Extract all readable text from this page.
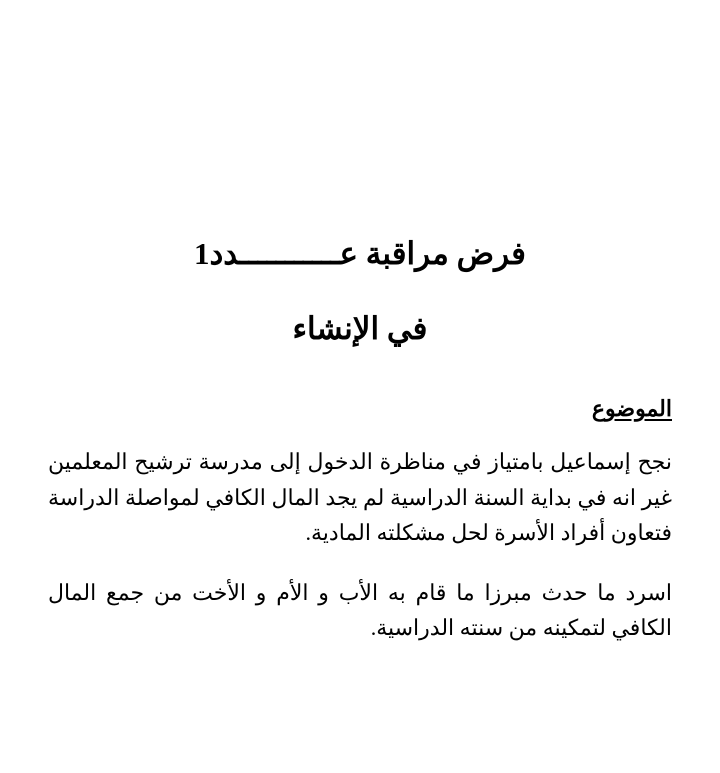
فرض مراقبة عـــــــــــدد1
في الإنشاء
الموضوع

نجح إسماعيل بامتياز في مناظرة الدخول إلى مدرسة ترشيح المعلمين غير انه في بداية السنة الدراسية لم يجد المال الكافي لمواصلة الدراسة فتعاون أفراد الأسرة لحل مشكلته المادية.

اسرد ما حدث مبرزا ما قام به الأب و الأم و الأخت من جمع المال الكافي لتمكينه من سنته الدراسية.
